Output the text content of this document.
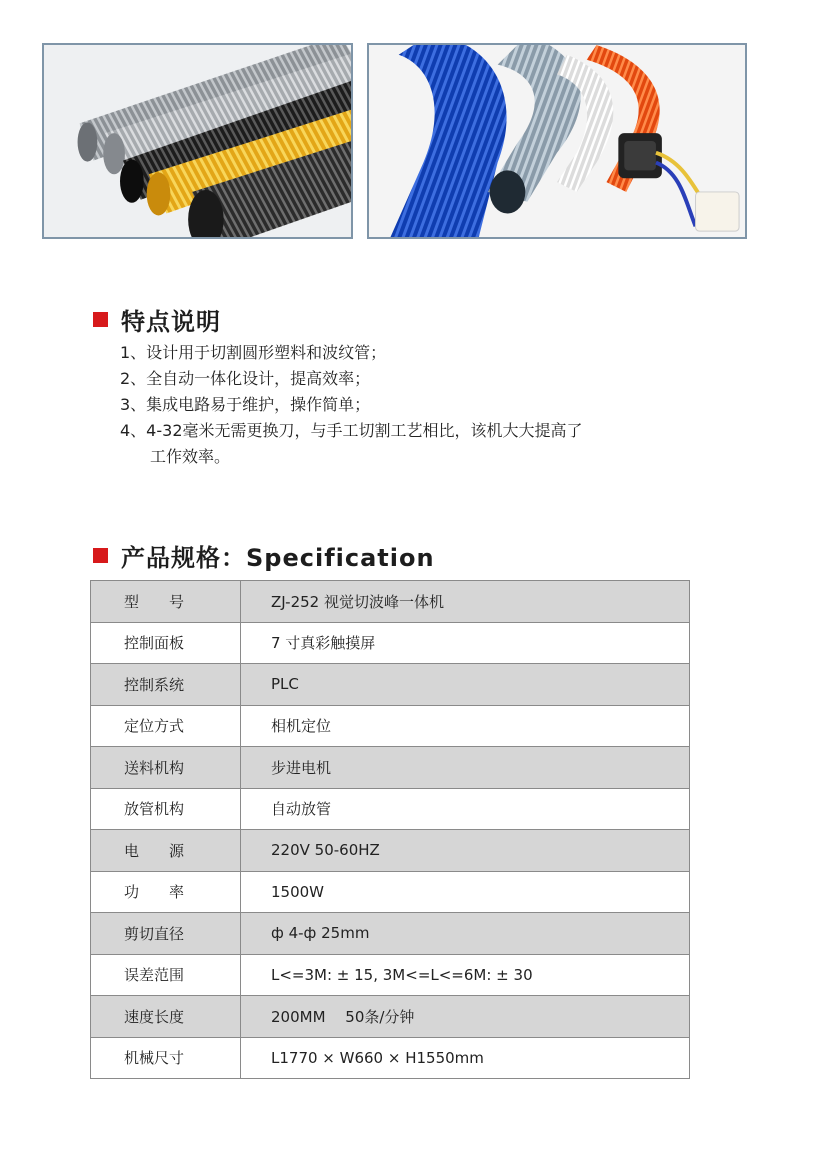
特点说明
1、设计用于切割圆形塑料和波纹管；
2、全自动一体化设计，提高效率；
3、集成电路易于维护，操作简单；
4、4-32毫米无需更换刀，与手工切割工艺相比，该机大大提高了
工作效率。
产品规格：Specification
型　　号	ZJ-252 视觉切波峰一体机
控制面板	7 寸真彩触摸屏
控制系统	PLC
定位方式	相机定位
送料机构	步进电机
放管机构	自动放管
电　　源	220V 50-60HZ
功　　率	1500W
剪切直径	ф 4-ф 25mm
误差范围	L<=3M: ± 15, 3M<=L<=6M: ± 30
速度长度	200MM　 50条/分钟
机械尺寸	L1770 × W660 × H1550mm
